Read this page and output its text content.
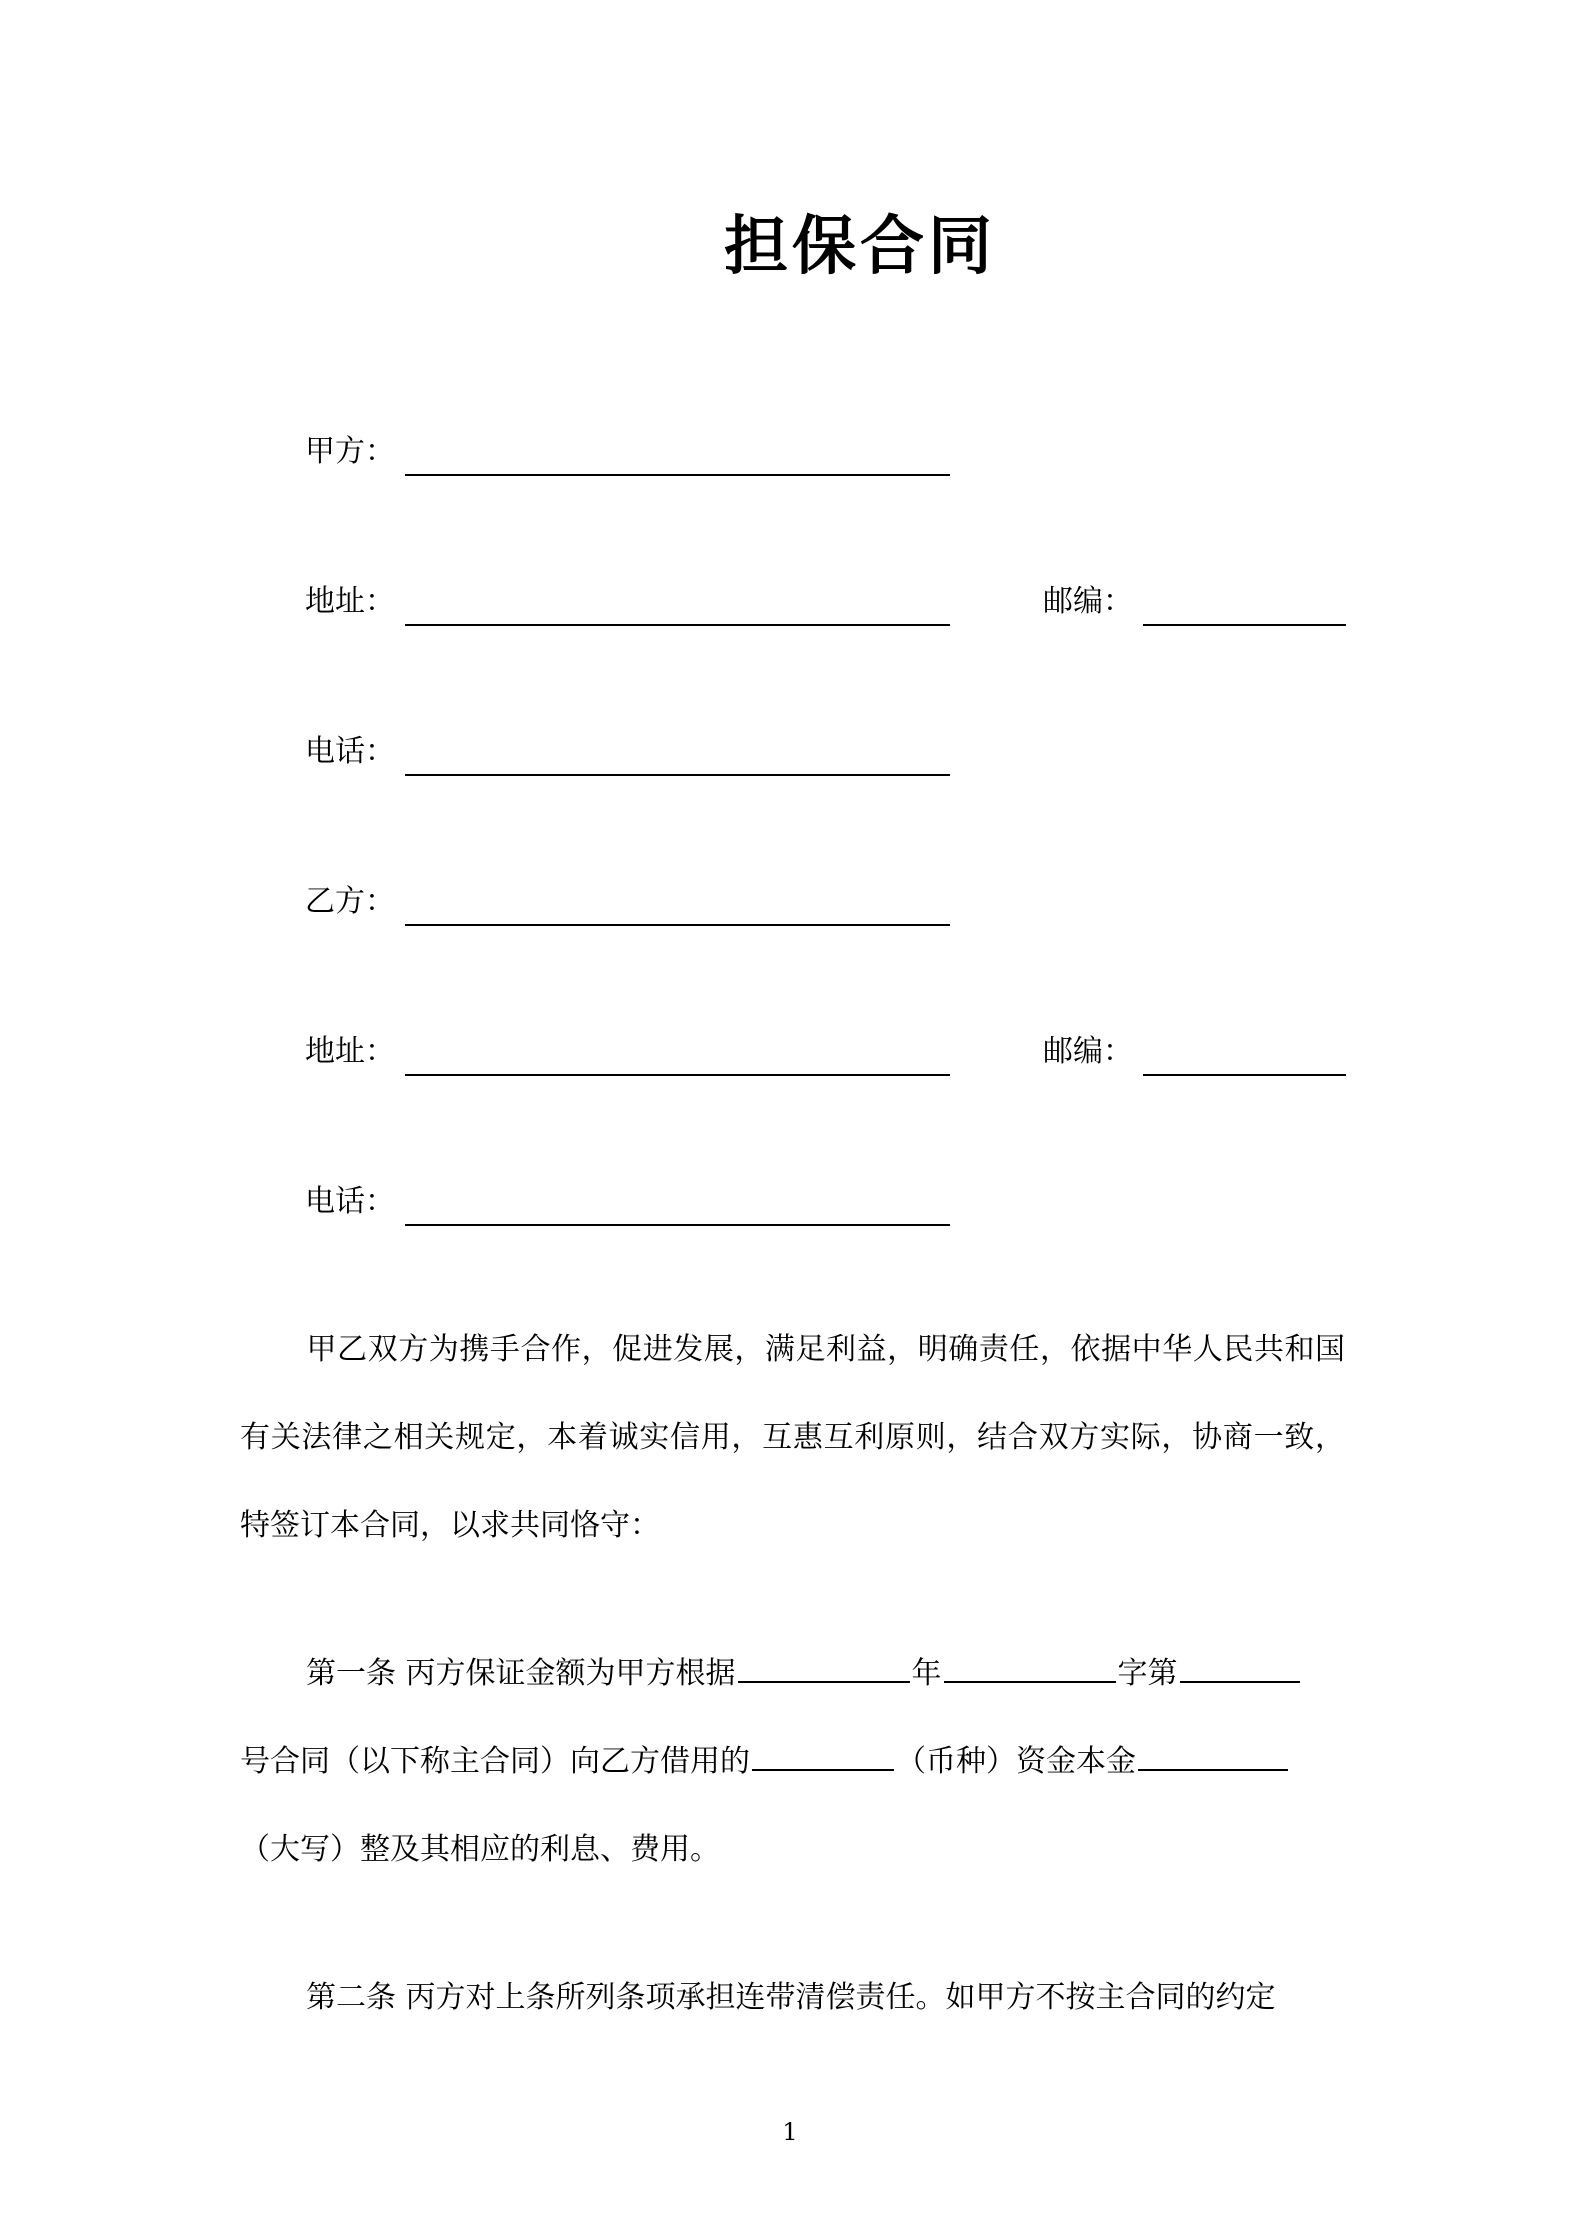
担保合同
甲方：
地址：	邮编：
电话：
乙方：
地址：	邮编：
电话：
甲乙双方为携手合作，促进发展，满足利益，明确责任，依据中华人民共和国有关法律之相关规定，本着诚实信用，互惠互利原则，结合双方实际，协商一致，特签订本合同，以求共同恪守：
第一条 丙方保证金额为甲方根据	年	字第
号合同（以下称主合同）向乙方借用的	（币种）资金本金
（大写）整及其相应的利息、费用。
第二条 丙方对上条所列条项承担连带清偿责任。如甲方不按主合同的约定
1
